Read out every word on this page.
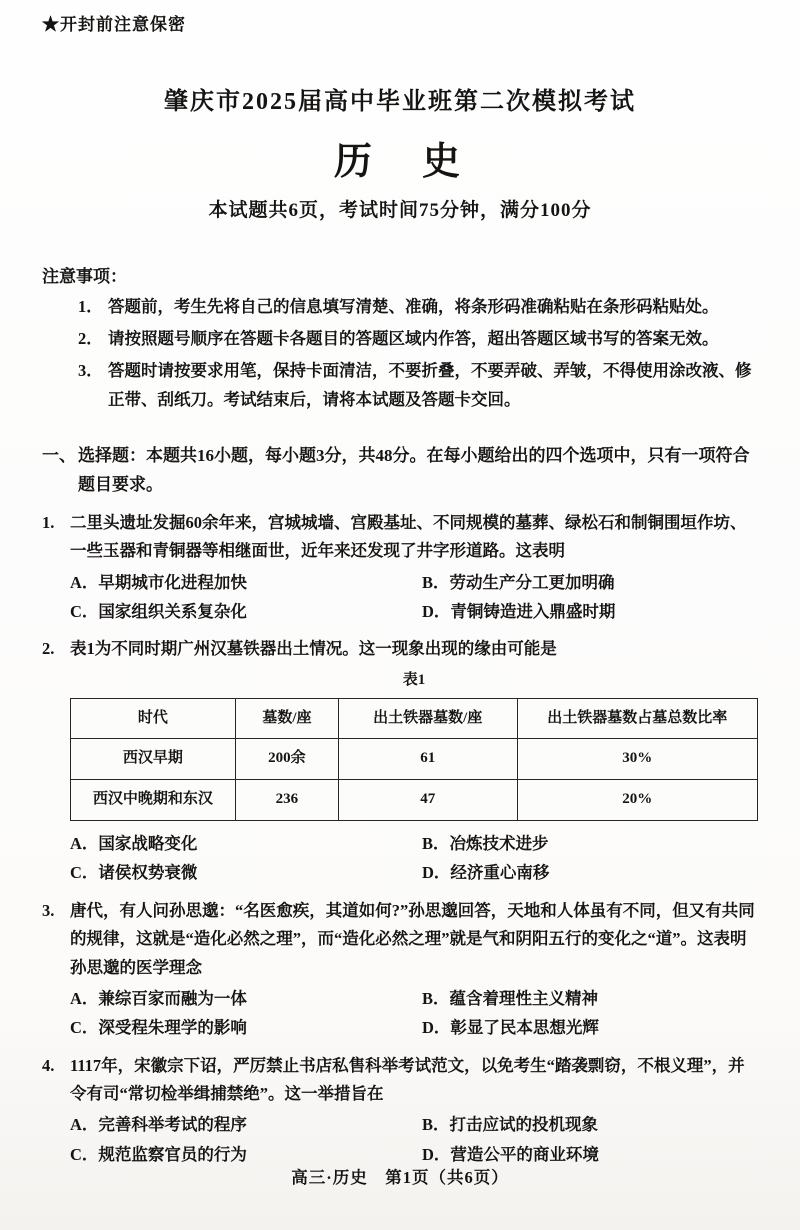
★开封前注意保密
肇庆市2025届高中毕业班第二次模拟考试
历　史
本试题共6页，考试时间75分钟，满分100分
注意事项：
1． 答题前，考生先将自己的信息填写清楚、准确，将条形码准确粘贴在条形码粘贴处。
2． 请按照题号顺序在答题卡各题目的答题区域内作答，超出答题区域书写的答案无效。
3． 答题时请按要求用笔，保持卡面清洁，不要折叠，不要弄破、弄皱，不得使用涂改液、修正带、刮纸刀。考试结束后，请将本试题及答题卡交回。
一、 选择题：本题共16小题，每小题3分，共48分。在每小题给出的四个选项中，只有一项符合题目要求。
1. 二里头遗址发掘60余年来，宫城城墙、宫殿基址、不同规模的墓葬、绿松石和制铜围垣作坊、一些玉器和青铜器等相继面世，近年来还发现了井字形道路。这表明
A．早期城市化进程加快	B．劳动生产分工更加明确
C．国家组织关系复杂化	D．青铜铸造进入鼎盛时期
2. 表1为不同时期广州汉墓铁器出土情况。这一现象出现的缘由可能是
表1
时代	墓数/座	出土铁器墓数/座	出土铁器墓数占墓总数比率
西汉早期	200余	61	30%
西汉中晚期和东汉	236	47	20%
A．国家战略变化	B．冶炼技术进步
C．诸侯权势衰微	D．经济重心南移
3. 唐代，有人问孙思邈：“名医愈疾，其道如何?”孙思邈回答，天地和人体虽有不同，但又有共同的规律，这就是“造化必然之理”，而“造化必然之理”就是气和阴阳五行的变化之“道”。这表明孙思邈的医学理念
A．兼综百家而融为一体	B．蕴含着理性主义精神
C．深受程朱理学的影响	D．彰显了民本思想光辉
4. 1117年，宋徽宗下诏，严厉禁止书店私售科举考试范文，以免考生“踏袭剽窃，不根义理”，并令有司“常切检举缉捕禁绝”。这一举措旨在
A．完善科举考试的程序	B．打击应试的投机现象
C．规范监察官员的行为	D．营造公平的商业环境
高三·历史　第1页（共6页）
